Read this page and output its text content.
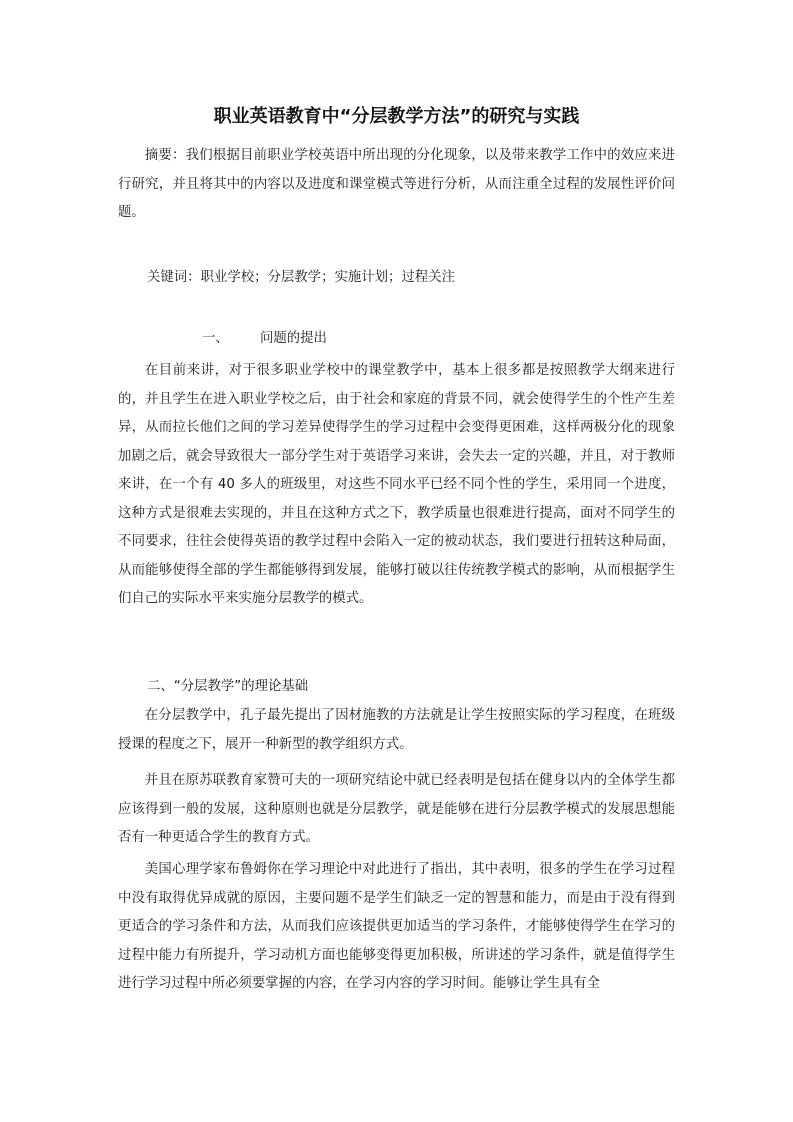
职业英语教育中“分层教学方法”的研究与实践

摘要：我们根据目前职业学校英语中所出现的分化现象，以及带来教学工作中的效应来进行研究，并且将其中的内容以及进度和课堂模式等进行分析，从而注重全过程的发展性评价问题。

关键词：职业学校；分层教学；实施计划；过程关注

一、 问题的提出

在目前来讲，对于很多职业学校中的课堂教学中，基本上很多都是按照教学大纲来进行的，并且学生在进入职业学校之后，由于社会和家庭的背景不同，就会使得学生的个性产生差异，从而拉长他们之间的学习差异使得学生的学习过程中会变得更困难，这样两极分化的现象加剧之后，就会导致很大一部分学生对于英语学习来讲，会失去一定的兴趣，并且，对于教师来讲，在一个有 40 多人的班级里，对这些不同水平已经不同个性的学生，采用同一个进度，这种方式是很难去实现的，并且在这种方式之下，教学质量也很难进行提高，面对不同学生的不同要求，往往会使得英语的教学过程中会陷入一定的被动状态，我们要进行扭转这种局面，从而能够使得全部的学生都能够得到发展，能够打破以往传统教学模式的影响，从而根据学生们自己的实际水平来实施分层教学的模式。

二、“分层教学”的理论基础

在分层教学中，孔子最先提出了因材施教的方法就是让学生按照实际的学习程度，在班级授课的程度之下，展开一种新型的教学组织方式。

并且在原苏联教育家赞可夫的一项研究结论中就已经表明是包括在健身以内的全体学生都应该得到一般的发展，这种原则也就是分层教学，就是能够在进行分层教学模式的发展思想能否有一种更适合学生的教育方式。

美国心理学家布鲁姆你在学习理论中对此进行了指出，其中表明，很多的学生在学习过程中没有取得优异成就的原因，主要问题不是学生们缺乏一定的智慧和能力，而是由于没有得到更适合的学习条件和方法，从而我们应该提供更加适当的学习条件，才能够使得学生在学习的过程中能力有所提升，学习动机方面也能够变得更加积极，所讲述的学习条件，就是值得学生进行学习过程中所必须要掌握的内容，在学习内容的学习时间。能够让学生具有全
